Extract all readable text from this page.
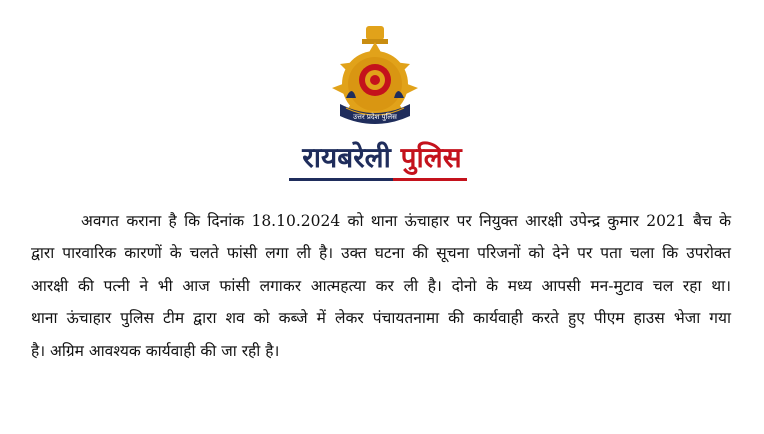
उत्तर प्रदेश पुलिस
रायबरेली पुलिस
अवगत कराना है कि दिनांक 18.10.2024 को थाना ऊंचाहार पर नियुक्त आरक्षी उपेन्द्र कुमार 2021 बैच के
द्वारा पारवारिक कारणों के चलते फांसी लगा ली है। उक्त घटना की सूचना परिजनों को देने पर पता चला कि उपरोक्त
आरक्षी की पत्नी ने भी आज फांसी लगाकर आत्महत्या कर ली है। दोनो के मध्य आपसी मन-मुटाव चल रहा था।
थाना ऊंचाहार पुलिस टीम द्वारा शव को कब्जे में लेकर पंचायतनामा की कार्यवाही करते हुए पीएम हाउस भेजा गया
है। अग्रिम आवश्यक कार्यवाही की जा रही है।
